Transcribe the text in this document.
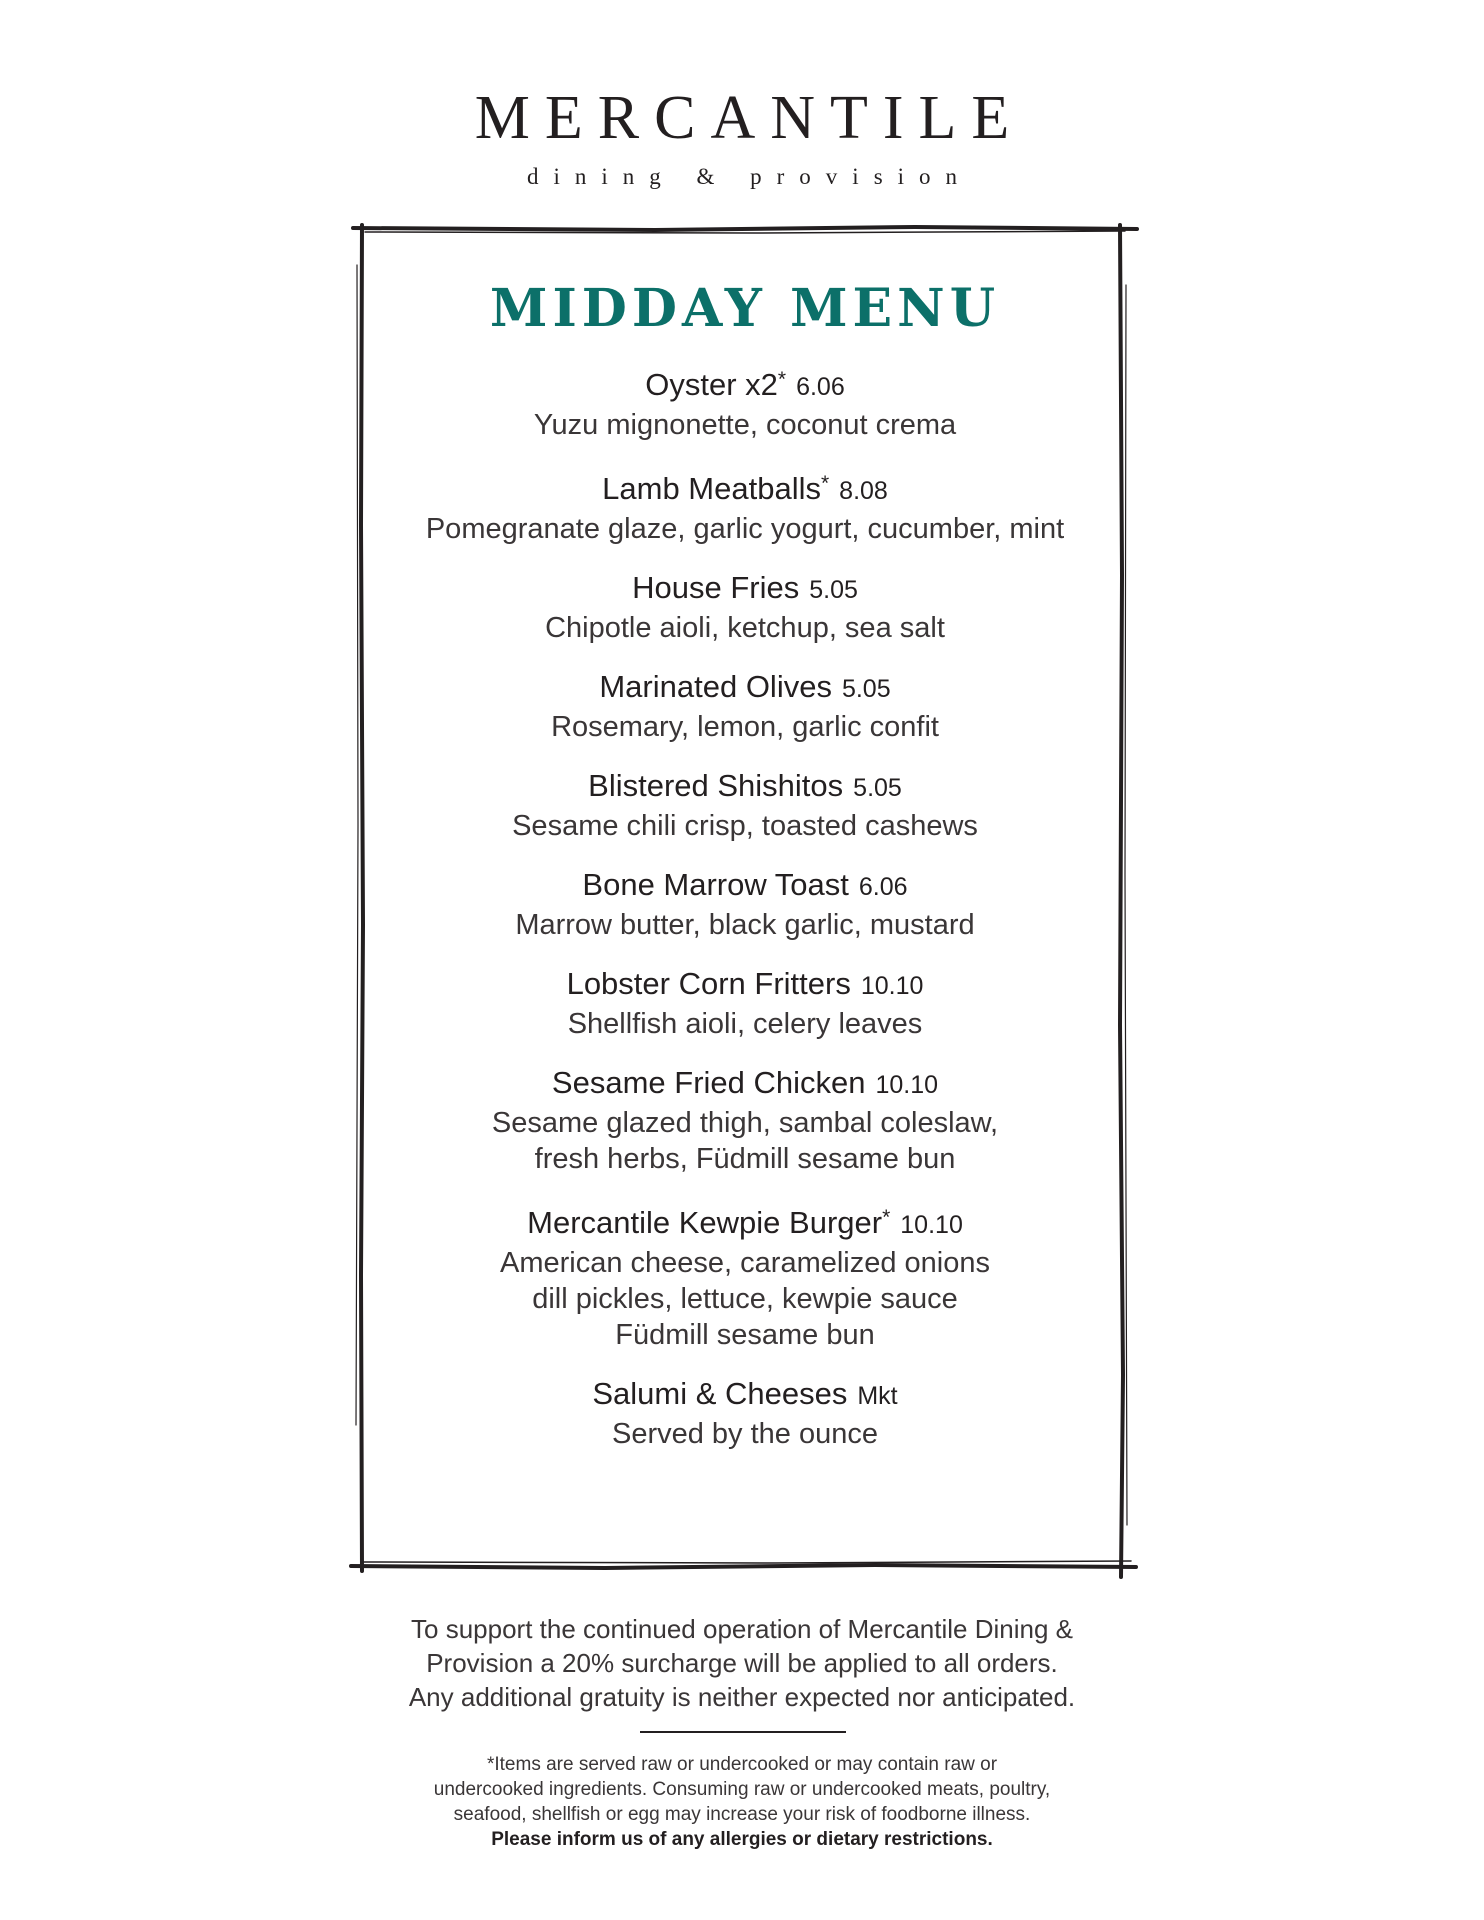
MERCANTILE
dining & provision
MIDDAY MENU
Oyster x2* 6.06
Yuzu mignonette, coconut crema
Lamb Meatballs* 8.08
Pomegranate glaze, garlic yogurt, cucumber, mint
House Fries 5.05
Chipotle aioli, ketchup, sea salt
Marinated Olives 5.05
Rosemary, lemon, garlic confit
Blistered Shishitos 5.05
Sesame chili crisp, toasted cashews
Bone Marrow Toast 6.06
Marrow butter, black garlic, mustard
Lobster Corn Fritters 10.10
Shellfish aioli, celery leaves
Sesame Fried Chicken 10.10
Sesame glazed thigh, sambal coleslaw,
fresh herbs, Füdmill sesame bun
Mercantile Kewpie Burger* 10.10
American cheese, caramelized onions
dill pickles, lettuce, kewpie sauce
Füdmill sesame bun
Salumi & Cheeses Mkt
Served by the ounce
To support the continued operation of Mercantile Dining &
Provision a 20% surcharge will be applied to all orders.
Any additional gratuity is neither expected nor anticipated.
*Items are served raw or undercooked or may contain raw or
undercooked ingredients. Consuming raw or undercooked meats, poultry,
seafood, shellfish or egg may increase your risk of foodborne illness.
Please inform us of any allergies or dietary restrictions.
